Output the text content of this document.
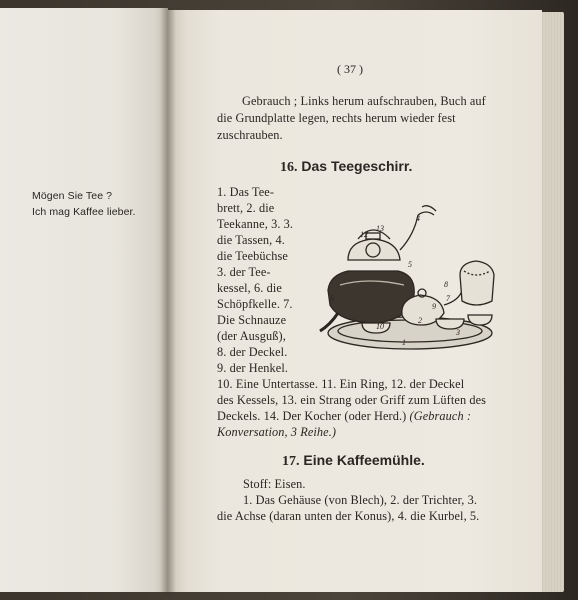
Mögen Sie Tee ?
Ich mag Kaffee lieber.
( 37 )
Gebrauch ; Links herum aufschrauben, Buch auf
die Grundplatte legen, rechts herum wieder fest
zuschrauben.
16. Das Teegeschirr.
1. Das Tee-
brett, 2. die
Teekanne, 3. 3.
die Tassen, 4.
die Teebüchse
3. der Tee-
kessel, 6. die
Schöpfkelle. 7.
Die Schnauze
(der Ausguß),
8. der Deckel.
9. der Henkel.
13
12
4
5
8
7
9
6
10
1
2
3
10. Eine Untertasse. 11. Ein Ring, 12. der Deckel
des Kessels, 13. ein Strang oder Griff zum Lüften des
Deckels. 14. Der Kocher (oder Herd.) (Gebrauch :
Konversation, 3 Reihe.)
17. Eine Kaffeemühle.
Stoff: Eisen.
1. Das Gehäuse (von Blech), 2. der Trichter, 3.
die Achse (daran unten der Konus), 4. die Kurbel, 5.
